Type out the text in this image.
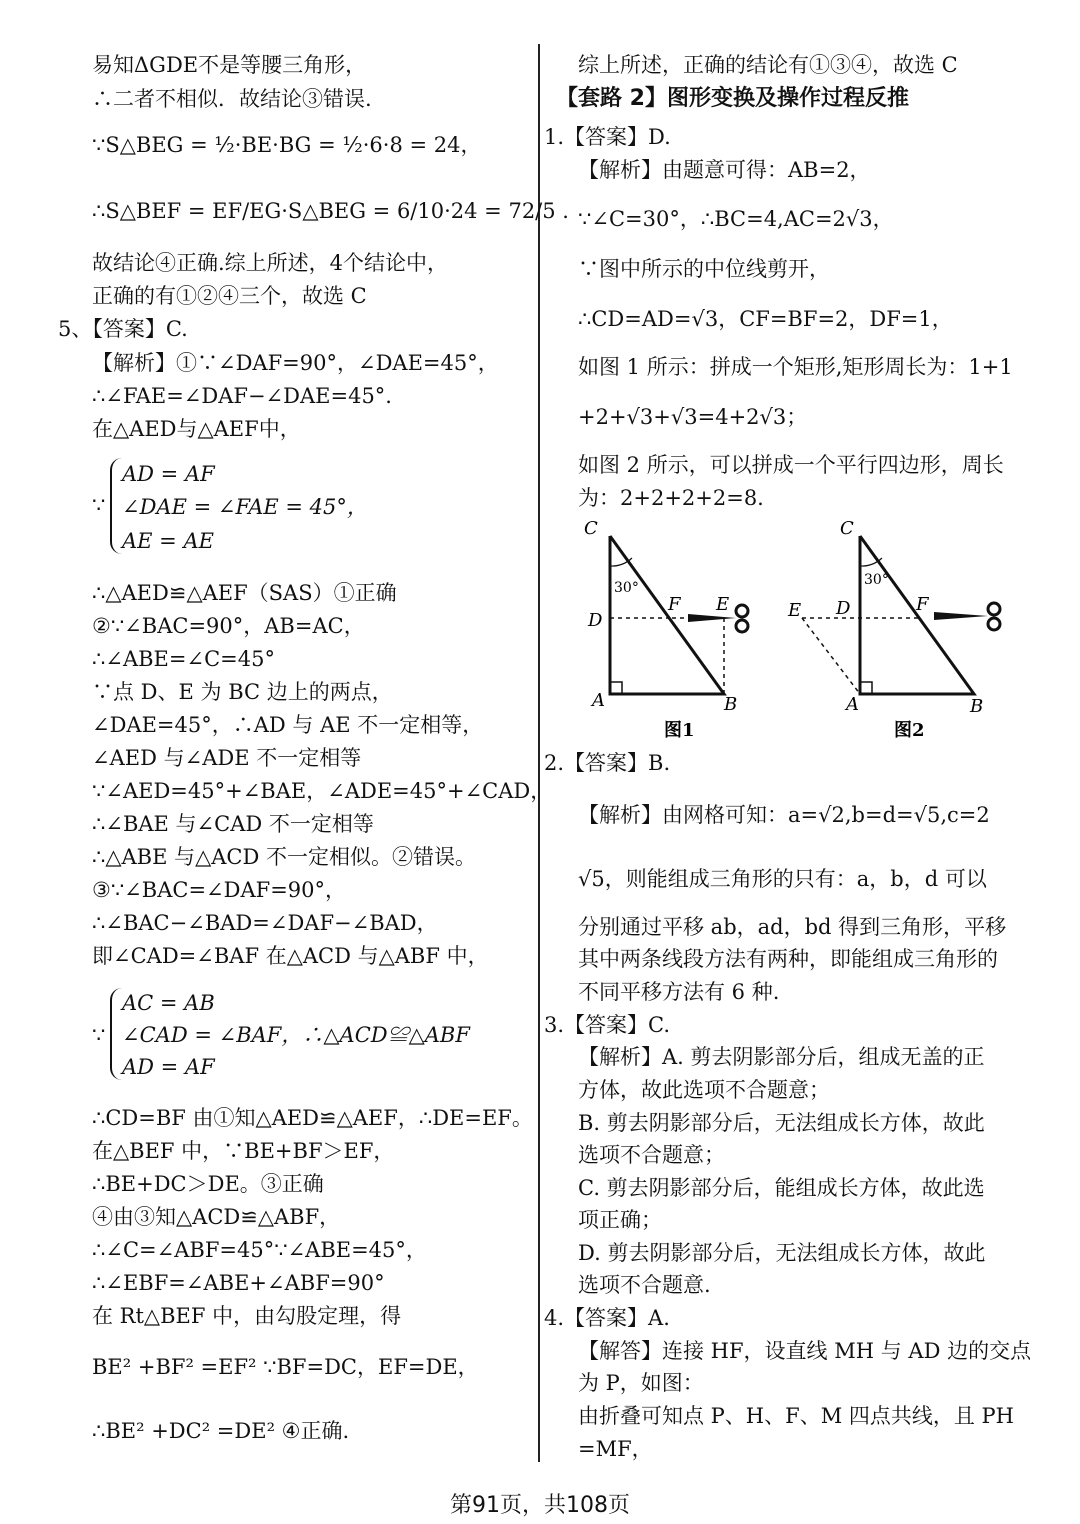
易知ΔGDE不是等腰三角形，
∴二者不相似．故结论③错误.
∵S△BEG = ½·BE·BG = ½·6·8 = 24，
∴S△BEF = EF/EG·S△BEG = 6/10·24 = 72/5 .
故结论④正确.综上所述，4个结论中，
正确的有①②④三个，故选 C
5、【答案】C.
【解析】①∵∠DAF=90°，∠DAE=45°，
∴∠FAE=∠DAF−∠DAE=45°.
在△AED与△AEF中，
∵
AD = AF
∠DAE = ∠FAE = 45°，
AE = AE
∴△AED≌△AEF（SAS）①正确
②∵∠BAC=90°，AB=AC，
∴∠ABE=∠C=45°
∵点 D、E 为 BC 边上的两点，
∠DAE=45°，∴AD 与 AE 不一定相等，
∠AED 与∠ADE 不一定相等
∵∠AED=45°+∠BAE，∠ADE=45°+∠CAD，
∴∠BAE 与∠CAD 不一定相等
∴△ABE 与△ACD 不一定相似。②错误。
③∵∠BAC=∠DAF=90°，
∴∠BAC−∠BAD=∠DAF−∠BAD，
即∠CAD=∠BAF 在△ACD 与△ABF 中，
∵
AC = AB
∠CAD = ∠BAF，∴△ACD≌△ABF
AD = AF
∴CD=BF 由①知△AED≌△AEF，∴DE=EF。
在△BEF 中，∵BE+BF＞EF，
∴BE+DC＞DE。③正确
④由③知△ACD≌△ABF，
∴∠C=∠ABF=45°∵∠ABE=45°，
∴∠EBF=∠ABE+∠ABF=90°
在 Rt△BEF 中，由勾股定理，得
BE² +BF² =EF² ∵BF=DC，EF=DE，
∴BE² +DC² =DE² ④正确.
综上所述，正确的结论有①③④，故选 C
【套路 2】图形变换及操作过程反推
1.【答案】D.
【解析】由题意可得：AB=2，
∵∠C=30°，∴BC=4,AC=2√3，
∵图中所示的中位线剪开，
∴CD=AD=√3，CF=BF=2，DF=1，
如图 1 所示：拼成一个矩形,矩形周长为：1+1
+2+√3+√3=4+2√3；
如图 2 所示，可以拼成一个平行四边形，周长
为：2+2+2+2=8.
C
D
F E
A	B
30°
图1
C
D	F
E
A	B
30°
图2
2.【答案】B.
【解析】由网格可知：a=√2,b=d=√5,c=2
√5，则能组成三角形的只有：a，b，d 可以
分别通过平移 ab，ad，bd 得到三角形，平移
其中两条线段方法有两种，即能组成三角形的
不同平移方法有 6 种.
3.【答案】C.
【解析】A. 剪去阴影部分后，组成无盖的正
方体，故此选项不合题意；
B. 剪去阴影部分后，无法组成长方体，故此
选项不合题意；
C. 剪去阴影部分后，能组成长方体，故此选
项正确；
D. 剪去阴影部分后，无法组成长方体，故此
选项不合题意.
4.【答案】A.
【解答】连接 HF，设直线 MH 与 AD 边的交点
为 P，如图：
由折叠可知点 P、H、F、M 四点共线，且 PH
=MF，
第91页，共108页
